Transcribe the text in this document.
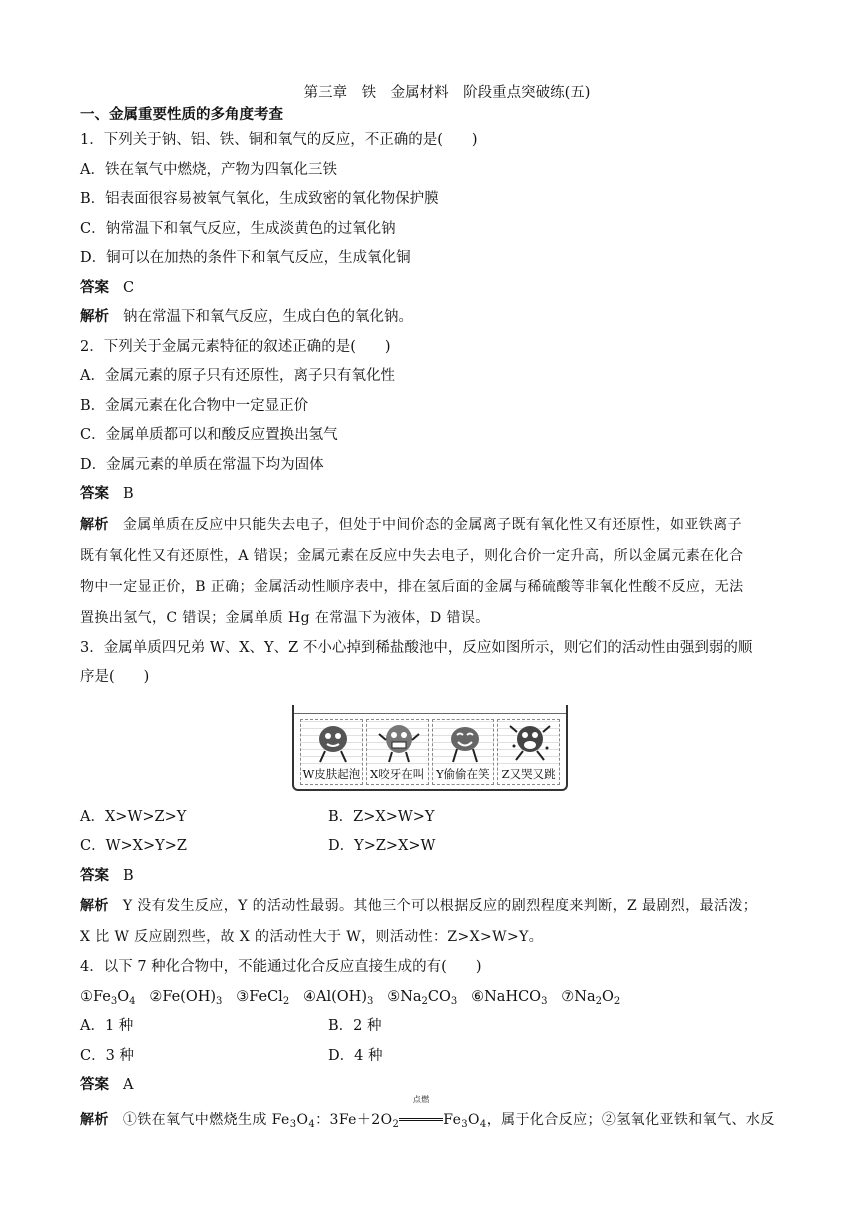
第三章　铁　金属材料　阶段重点突破练(五)
一、金属重要性质的多角度考查
1．下列关于钠、铝、铁、铜和氧气的反应，不正确的是(　　)
A．铁在氧气中燃烧，产物为四氧化三铁
B．铝表面很容易被氧气氧化，生成致密的氧化物保护膜
C．钠常温下和氧气反应，生成淡黄色的过氧化钠
D．铜可以在加热的条件下和氧气反应，生成氧化铜
答案 C
解析 钠在常温下和氧气反应，生成白色的氧化钠。
2．下列关于金属元素特征的叙述正确的是(　　)
A．金属元素的原子只有还原性，离子只有氧化性
B．金属元素在化合物中一定显正价
C．金属单质都可以和酸反应置换出氢气
D．金属元素的单质在常温下均为固体
答案 B
解析 金属单质在反应中只能失去电子，但处于中间价态的金属离子既有氧化性又有还原性，如亚铁离子
既有氧化性又有还原性，A 错误；金属元素在反应中失去电子，则化合价一定升高，所以金属元素在化合
物中一定显正价，B 正确；金属活动性顺序表中，排在氢后面的金属与稀硫酸等非氧化性酸不反应，无法
置换出氢气，C 错误；金属单质 Hg 在常温下为液体，D 错误。
3．金属单质四兄弟 W、X、Y、Z 不小心掉到稀盐酸池中，反应如图所示，则它们的活动性由强到弱的顺
序是(　　)
W皮肤起泡 X咬牙在叫	Y偷偷在笑	Z又哭又跳
A．X>W>Z>Y	B．Z>X>W>Y
C．W>X>Y>Z	D．Y>Z>X>W
答案 B
解析 Y 没有发生反应，Y 的活动性最弱。其他三个可以根据反应的剧烈程度来判断，Z 最剧烈，最活泼；
X 比 W 反应剧烈些，故 X 的活动性大于 W，则活动性：Z>X>W>Y。
4．以下 7 种化合物中，不能通过化合反应直接生成的有(　　)
$①Fe_3O_4$ $②Fe(OH)_3$ ③FeCl$_2$ $④Al(OH)_3$ $⑤Na_2CO_3$ ⑥NaHCO$_3$ $⑦Na_2O_2$
A．1 种	B．2 种
C．3 种	D．4 种
答案 A
解析 ①铁在氧气中燃烧生成 $Fe_3O_4$：$3Fe+2O_2$
点燃
$Fe_3O_4$，属于化合反应；②氢氧化亚铁和氧气、水反
